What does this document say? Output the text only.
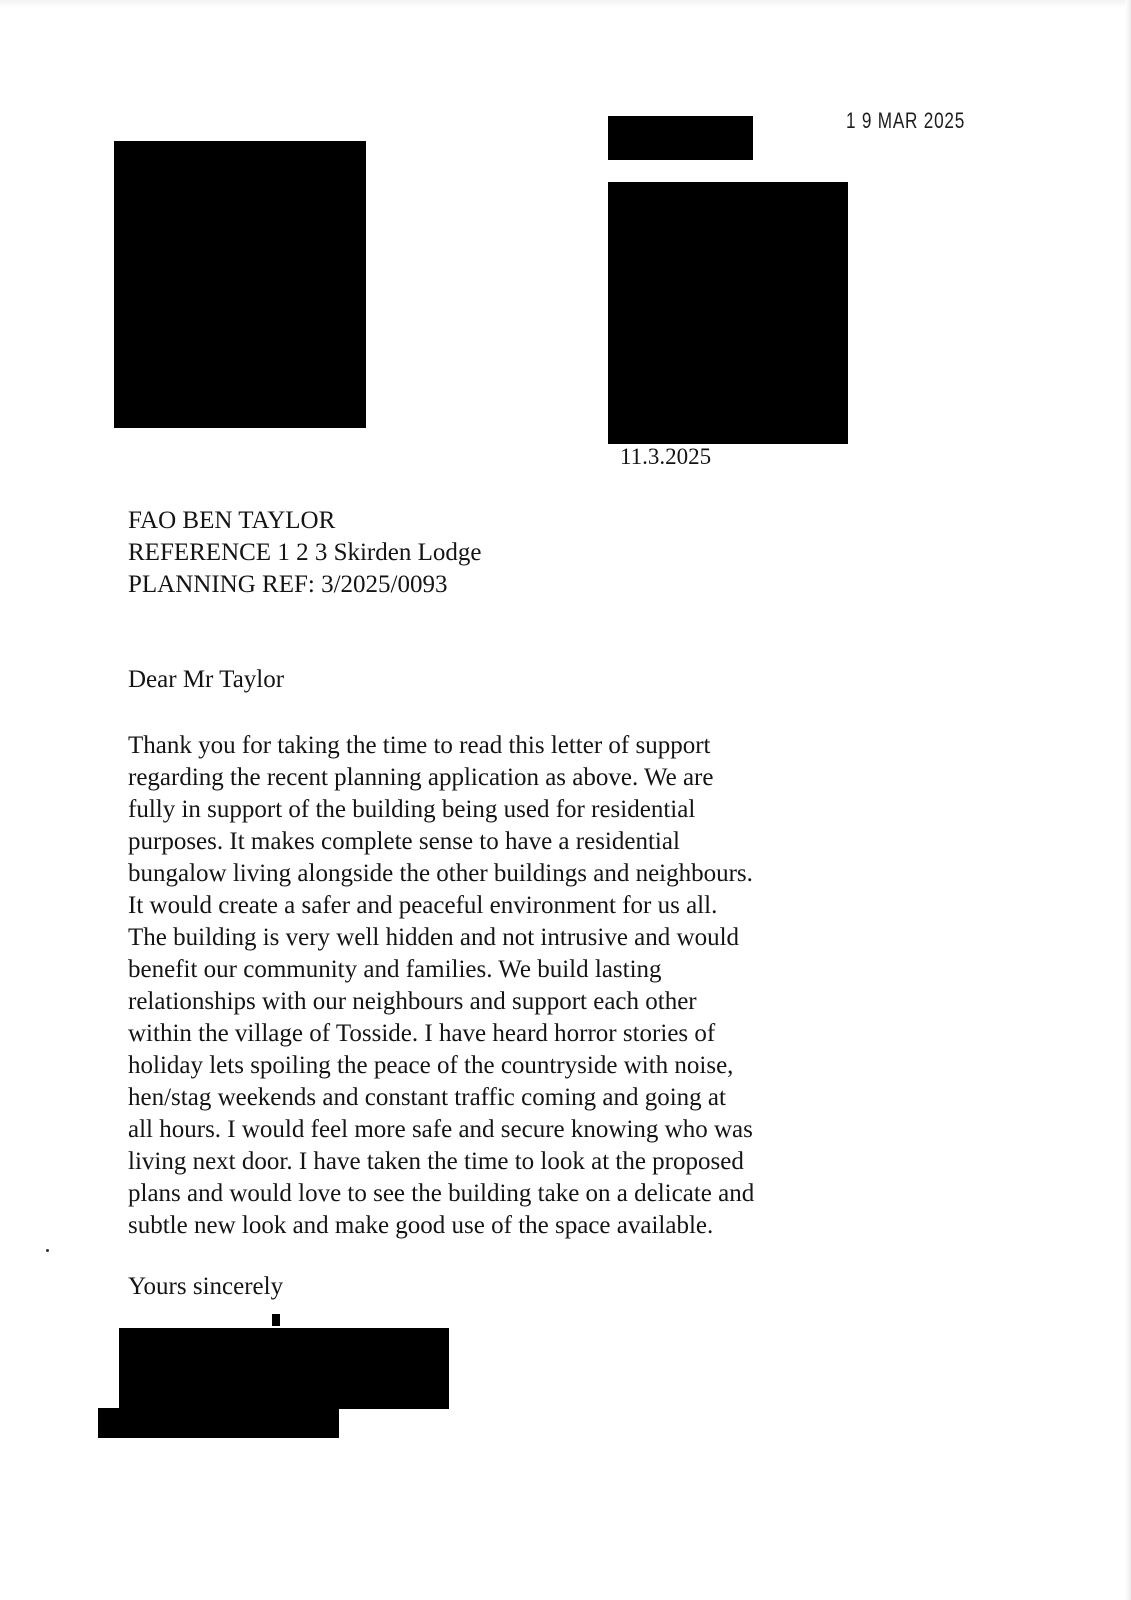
1 9 MAR 2025
11.3.2025
FAO BEN TAYLOR
REFERENCE 1 2 3 Skirden Lodge
PLANNING REF: 3/2025/0093
Dear Mr Taylor
Thank you for taking the time to read this letter of support
regarding the recent planning application as above. We are
fully in support of the building being used for residential
purposes. It makes complete sense to have a residential
bungalow living alongside the other buildings and neighbours.
It would create a safer and peaceful environment for us all.
The building is very well hidden and not intrusive and would
benefit our community and families. We build lasting
relationships with our neighbours and support each other
within the village of Tosside. I have heard horror stories of
holiday lets spoiling the peace of the countryside with noise,
hen/stag weekends and constant traffic coming and going at
all hours. I would feel more safe and secure knowing who was
living next door. I have taken the time to look at the proposed
plans and would love to see the building take on a delicate and
subtle new look and make good use of the space available.
Yours sincerely
